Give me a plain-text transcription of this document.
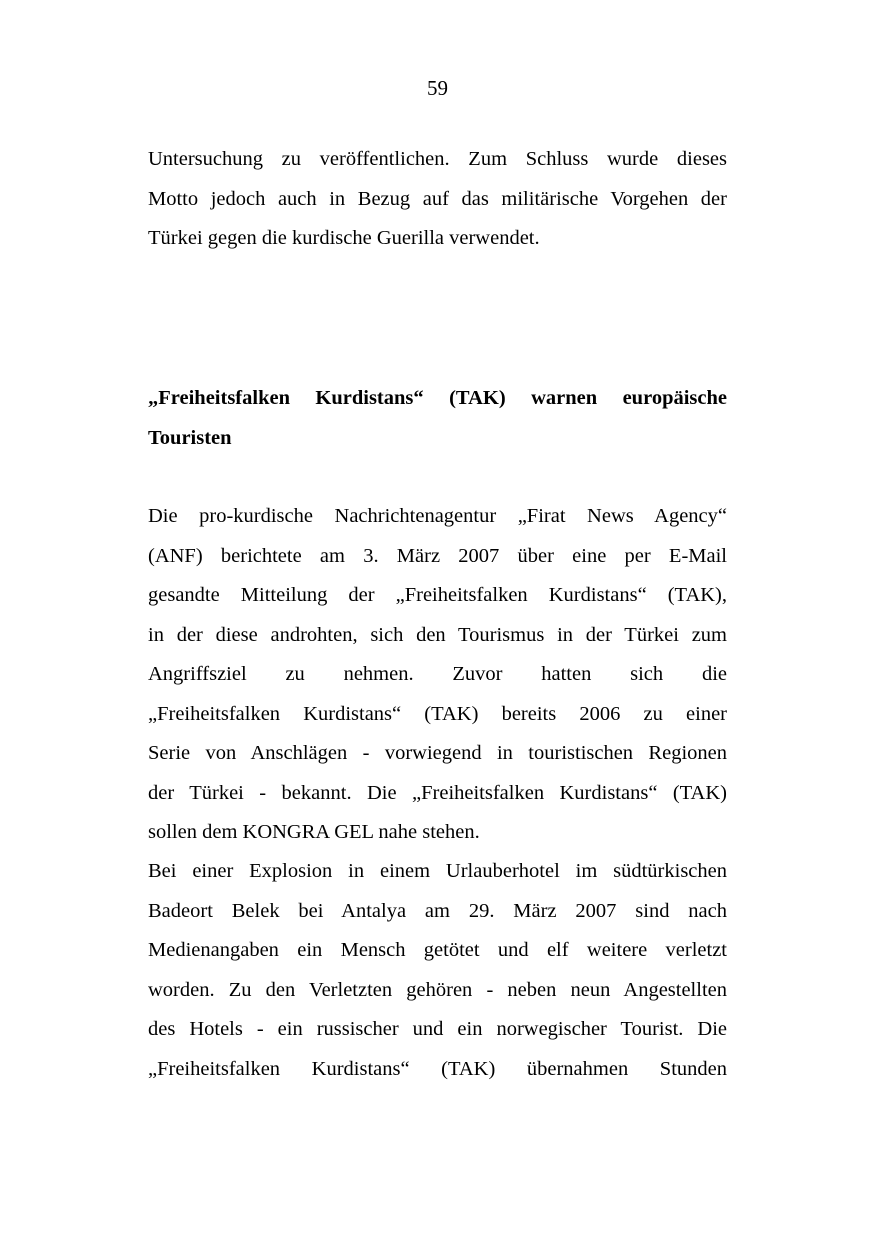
59
Untersuchung zu veröffentlichen. Zum Schluss wurde dieses
Motto jedoch auch in Bezug auf das militärische Vorgehen der
Türkei gegen die kurdische Guerilla verwendet.
„Freiheitsfalken Kurdistans“ (TAK) warnen europäische
Touristen
Die pro-kurdische Nachrichtenagentur „Firat News Agency“
(ANF) berichtete am 3. März 2007 über eine per E-Mail
gesandte Mitteilung der „Freiheitsfalken Kurdistans“ (TAK),
in der diese androhten, sich den Tourismus in der Türkei zum
Angriffsziel zu nehmen. Zuvor hatten sich die
„Freiheitsfalken Kurdistans“ (TAK) bereits 2006 zu einer
Serie von Anschlägen - vorwiegend in touristischen Regionen
der Türkei - bekannt. Die „Freiheitsfalken Kurdistans“ (TAK)
sollen dem KONGRA GEL nahe stehen.
Bei einer Explosion in einem Urlauberhotel im südtürkischen
Badeort Belek bei Antalya am 29. März 2007 sind nach
Medienangaben ein Mensch getötet und elf weitere verletzt
worden. Zu den Verletzten gehören - neben neun Angestellten
des Hotels - ein russischer und ein norwegischer Tourist. Die
„Freiheitsfalken Kurdistans“ (TAK) übernahmen Stunden
